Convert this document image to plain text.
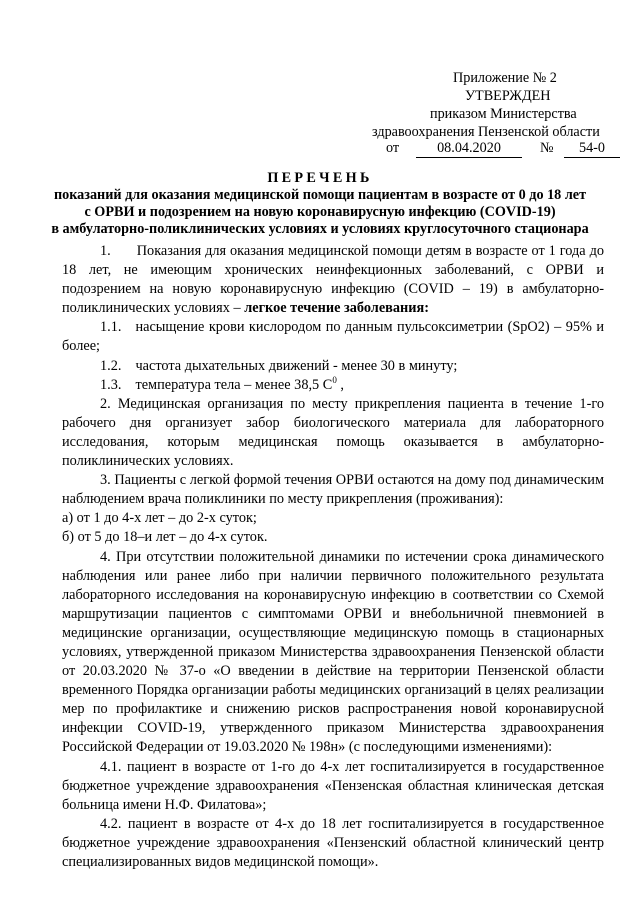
Приложение № 2
УТВЕРЖДЕН
приказом Министерства
здравоохранения Пензенской области
от	08.04.2020	№	54-0
ПЕРЕЧЕНЬ
показаний для оказания медицинской помощи пациентам в возрасте от 0 до 18 лет
с ОРВИ и подозрением на новую коронавирусную инфекцию (COVID-19)
в амбулаторно-поликлинических условиях и условиях круглосуточного стационара

1. Показания для оказания медицинской помощи детям в возрасте от 1 года до 18 лет, не имеющим хронических неинфекционных заболеваний, с ОРВИ и подозрением на новую коронавирусную инфекцию (COVID – 19) в амбулаторно-поликлинических условиях – легкое течение заболевания:

1.1. насыщение крови кислородом по данным пульсоксиметрии (SpO2) – 95% и более;

1.2. частота дыхательных движений - менее 30 в минуту;

1.3. температура тела – менее 38,5 $С^0$ ,

2. Медицинская организация по месту прикрепления пациента в течение 1-го рабочего дня организует забор биологического материала для лабораторного исследования, которым медицинская помощь оказывается в амбулаторно-поликлинических условиях.

3. Пациенты с легкой формой течения ОРВИ остаются на дому под динамическим наблюдением врача поликлиники по месту прикрепления (проживания):

а) от 1 до 4-х лет – до 2-х суток;

б) от 5 до 18–и лет – до 4-х суток.

4. При отсутствии положительной динамики по истечении срока динамического наблюдения или ранее либо при наличии первичного положительного результата лабораторного исследования на коронавирусную инфекцию в соответствии со Схемой маршрутизации пациентов с симптомами ОРВИ и внебольничной пневмонией в медицинские организации, осуществляющие медицинскую помощь в стационарных условиях, утвержденной приказом Министерства здравоохранения Пензенской области от 20.03.2020 № 37-о «О введении в действие на территории Пензенской области временного Порядка организации работы медицинских организаций в целях реализации мер по профилактике и снижению рисков распространения новой коронавирусной инфекции COVID-19, утвержденного приказом Министерства здравоохранения Российской Федерации от 19.03.2020 № 198н» (с последующими изменениями):

4.1. пациент в возрасте от 1-го до 4-х лет госпитализируется в государственное бюджетное учреждение здравоохранения «Пензенская областная клиническая детская больница имени Н.Ф. Филатова»;

4.2. пациент в возрасте от 4-х до 18 лет госпитализируется в государственное бюджетное учреждение здравоохранения «Пензенский областной клинический центр специализированных видов медицинской помощи».
